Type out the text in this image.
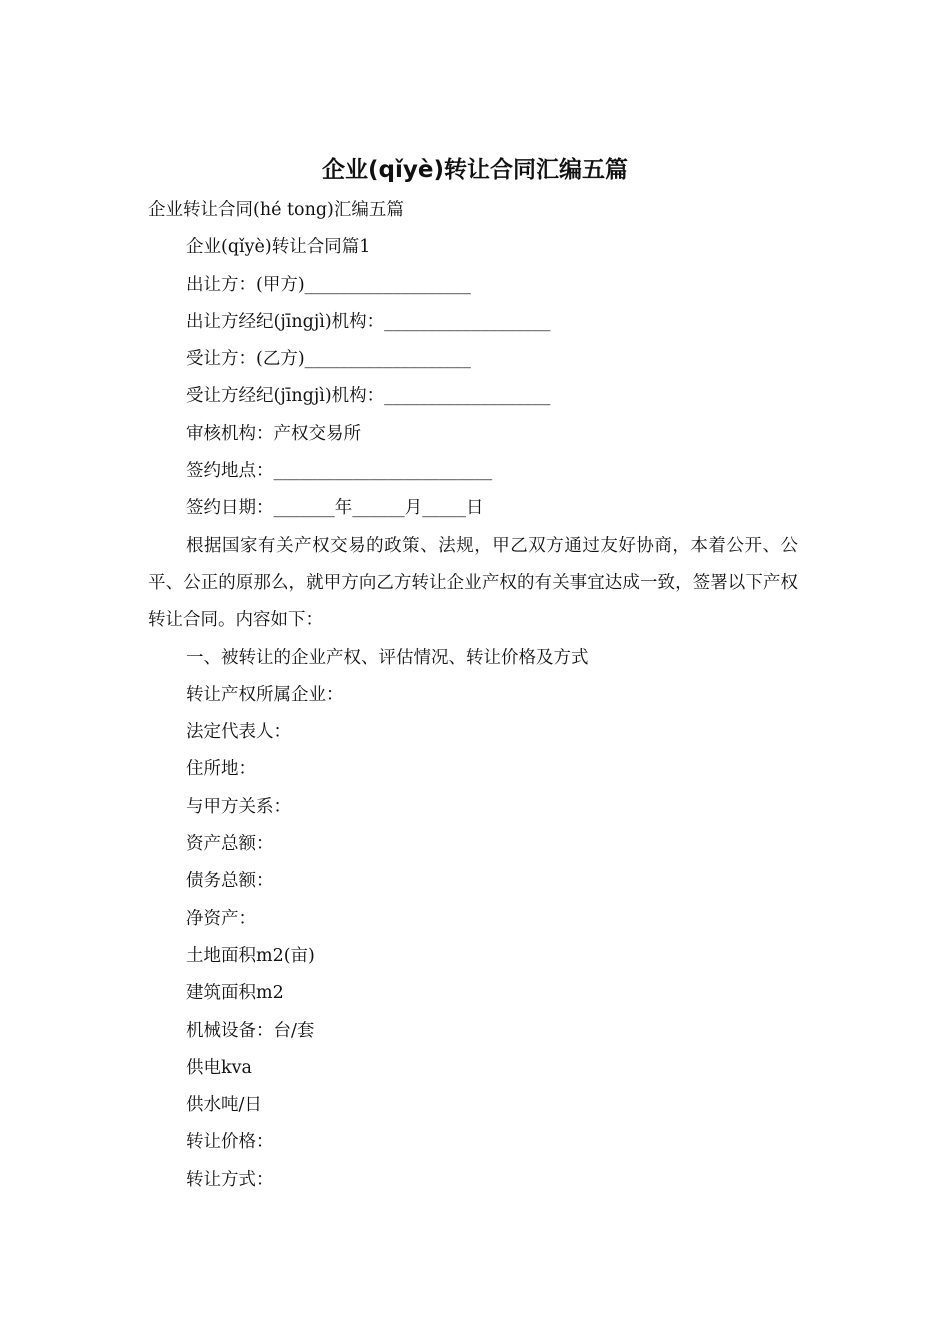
企业(qǐyè)转让合同汇编五篇
企业转让合同(hé tong)汇编五篇
企业(qǐyè)转让合同篇1
出让方：(甲方)___________________
出让方经纪(jīngjì)机构：___________________
受让方：(乙方)___________________
受让方经纪(jīngjì)机构：___________________
审核机构：产权交易所
签约地点：_________________________
签约日期：_______年______月_____日

根据国家有关产权交易的政策、法规，甲乙双方通过友好协商，本着公开、公平、公正的原那么，就甲方向乙方转让企业产权的有关事宜达成一致，签署以下产权转让合同。内容如下：

一、被转让的企业产权、评估情况、转让价格及方式
转让产权所属企业：
法定代表人：
住所地：
与甲方关系：
资产总额：
债务总额：
净资产：
土地面积m2(亩)
建筑面积m2
机械设备：台/套
供电kva
供水吨/日
转让价格：
转让方式：
